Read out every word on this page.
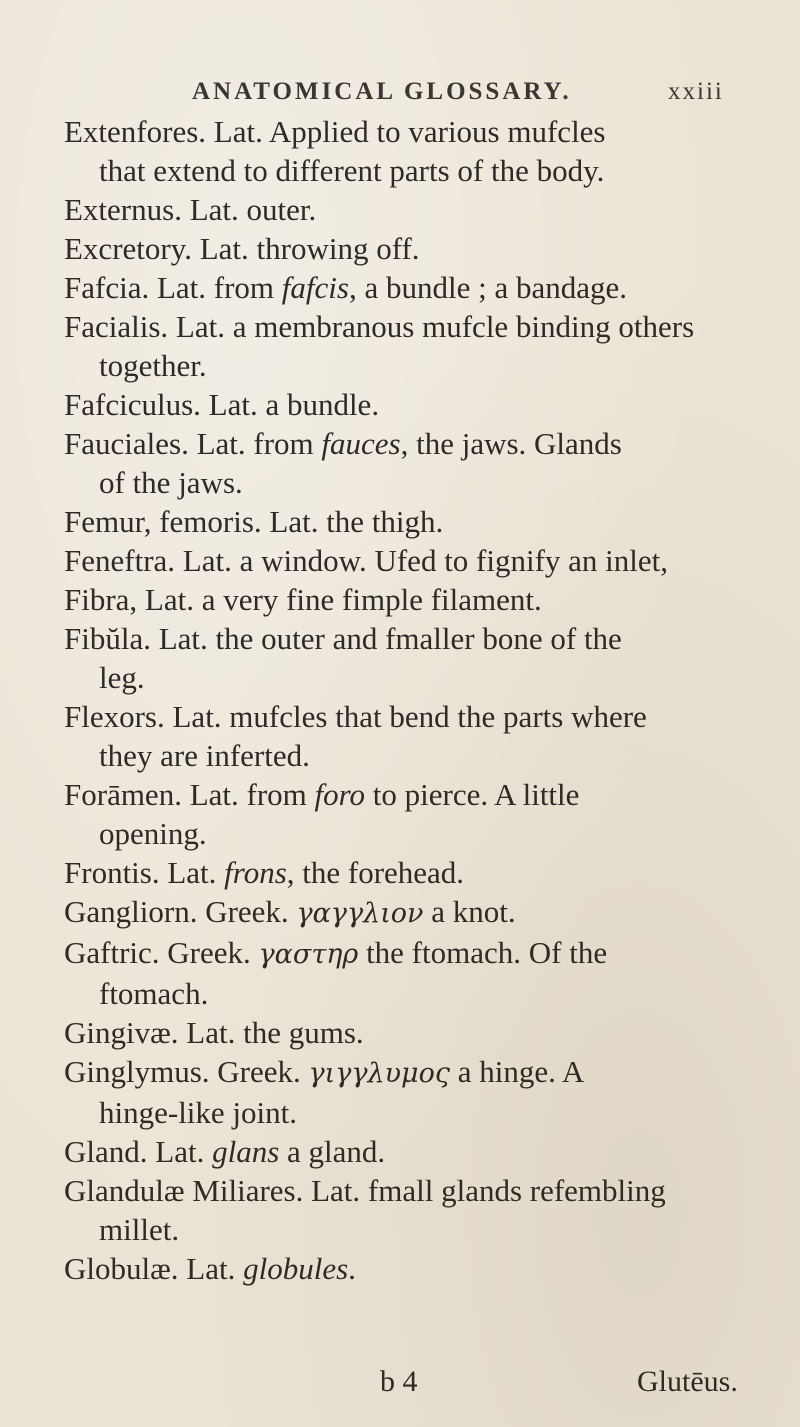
ANATOMICAL GLOSSARY.	xxiii
Extenfores. Lat. Applied to various mufcles
that extend to different parts of the body.
Externus. Lat. outer.
Excretory. Lat. throwing off.
Fafcia. Lat. from fafcis, a bundle ; a bandage.
Facialis. Lat. a membranous mufcle binding others
together.
Fafciculus. Lat. a bundle.
Fauciales. Lat. from fauces, the jaws. Glands
of the jaws.
Femur, femoris. Lat. the thigh.
Feneftra. Lat. a window. Ufed to fignify an inlet,
Fibra, Lat. a very fine fimple filament.
Fibŭla. Lat. the outer and fmaller bone of the
leg.
Flexors. Lat. mufcles that bend the parts where
they are inferted.
Forāmen. Lat. from foro to pierce. A little
opening.
Frontis. Lat. frons, the forehead.
Gangliorn. Greek. γαγγλιον a knot.
Gaftric. Greek. γαστηρ the ftomach. Of the
ftomach.
Gingivæ. Lat. the gums.
Ginglymus. Greek. γιγγλυμος a hinge. A
hinge-like joint.
Gland. Lat. glans a gland.
Glandulæ Miliares. Lat. fmall glands refembling
millet.
Globulæ. Lat. globules.
b 4	Glutēus.
